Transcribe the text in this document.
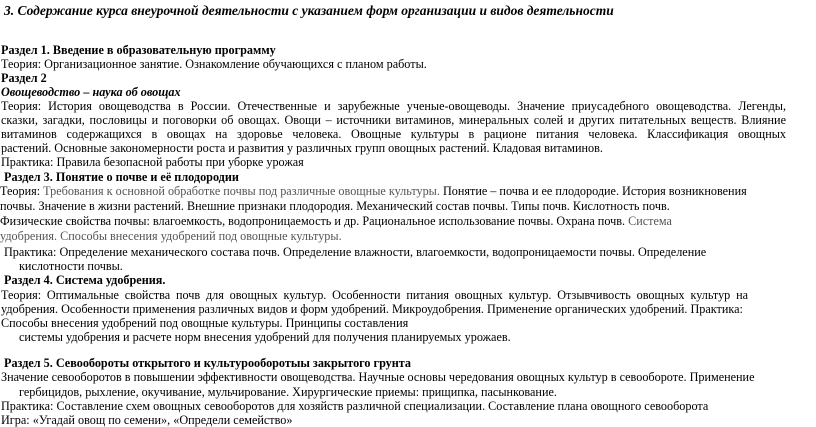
3. Содержание курса внеурочной деятельности с указанием форм организации и видов деятельности
Раздел 1. Введение в образовательную программу
Теория: Организационное занятие. Ознакомление обучающихся с планом работы.
Раздел 2
Овощеводство – наука об овощах
Теория: История овощеводства в России. Отечественные и зарубежные ученые-овощеводы. Значение приусадебного овощеводства. Легенды,
сказки, загадки, пословицы и поговорки об овощах. Овощи – источники витаминов, минеральных солей и других питательных веществ. Влияние
витаминов содержащихся в овощах на здоровье человека. Овощные культуры в рационе питания человека. Классификация овощных
растений. Основные закономерности роста и развития у различных групп овощных растений. Кладовая витаминов.
Практика: Правила безопасной работы при уборке урожая
Раздел 3. Понятие о почве и её плодородии
Теория: Требования к основной обработке почвы под различные овощные культуры. Понятие – почва и ее плодородие. История возникновения
почвы. Значение в жизни растений. Внешние признаки плодородия. Механический состав почвы. Типы почв. Кислотность почв.
Физические свойства почвы: влагоемкость, водопроницаемость и др. Рациональное использование почвы. Охрана почв. Система
удобрения. Способы внесения удобрений под овощные культуры.
Практика: Определение механического состава почв. Определение влажности, влагоемкости, водопроницаемости почвы. Определение
кислотности почвы.
Раздел 4. Система удобрения.
Теория: Оптимальные свойства почв для овощных культур. Особенности питания овощных культур. Отзывчивость овощных культур на
удобрения. Особенности применения различных видов и форм удобрений. Микроудобрения. Применение органических удобрений. Практика:
Способы внесения удобрений под овощные культуры. Принципы составления
системы удобрения и расчете норм внесения удобрений для получения планируемых урожаев.
Раздел 5. Севообороты открытого и культурооборотыы закрытого грунта
Значение севооборотов в повышении эффективности овощеводства. Научные основы чередования овощных культур в севообороте. Применение
гербицидов, рыхление, окучивание, мульчирование. Хирургические приемы: прищипка, пасынкование.
Практика: Составление схем овощных севооборотов для хозяйств различной специализации. Составление плана овощного севооборота
Игра: «Угадай овощ по семени», «Определи семейство»
